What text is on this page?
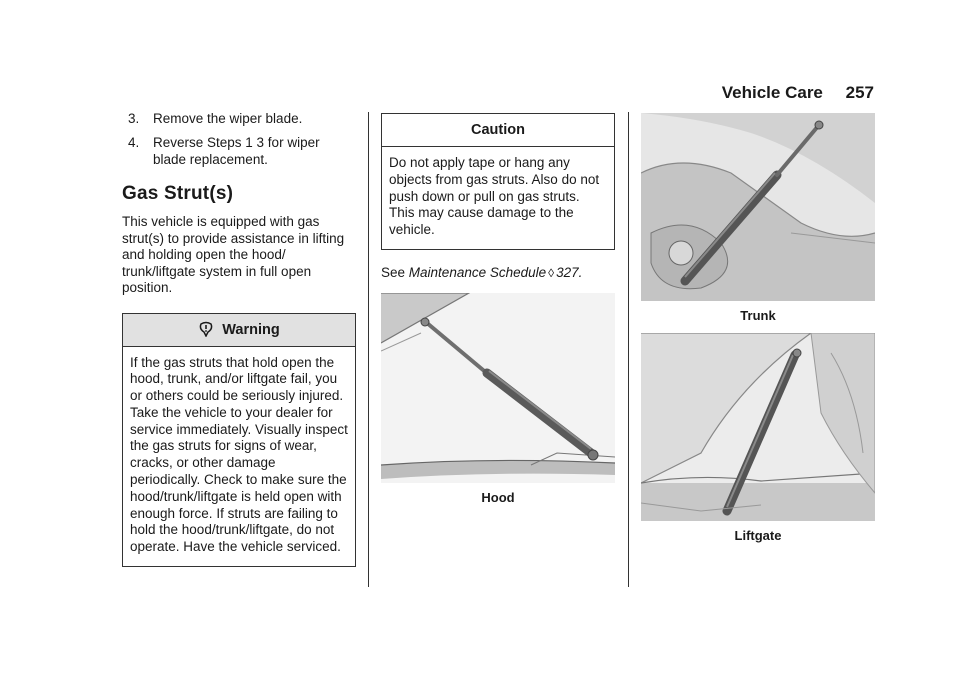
Vehicle Care 257
3. Remove the wiper blade.
4. Reverse Steps 1 3 for wiper blade replacement.
Gas Strut(s)

This vehicle is equipped with gas strut(s) to provide assistance in lifting and holding open the hood/ trunk/liftgate system in full open position.

Warning
If the gas struts that hold open the hood, trunk, and/or liftgate fail, you or others could be seriously injured. Take the vehicle to your dealer for service immediately. Visually inspect the gas struts for signs of wear, cracks, or other damage periodically. Check to make sure the hood/trunk/liftgate is held open with enough force. If struts are failing to hold the hood/trunk/liftgate, do not operate. Have the vehicle serviced.
Caution
Do not apply tape or hang any objects from gas struts. Also do not push down or pull on gas struts. This may cause damage to the vehicle.
See Maintenance Schedule ◊ 327.
Hood
Trunk
Liftgate
